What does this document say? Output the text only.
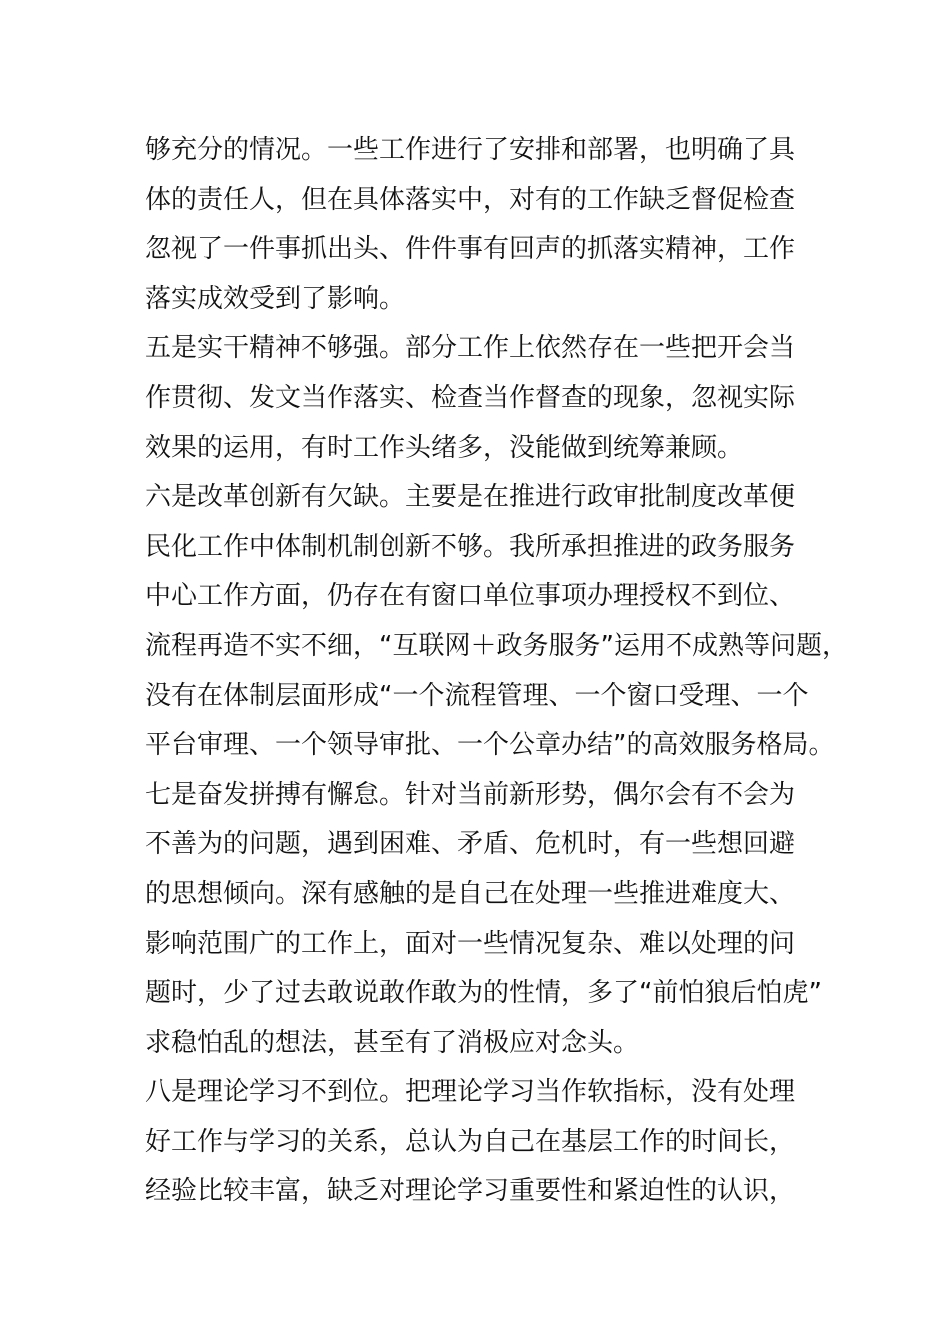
够充分的情况。一些工作进行了安排和部署，也明确了具
体的责任人，但在具体落实中，对有的工作缺乏督促检查
忽视了一件事抓出头、件件事有回声的抓落实精神，工作
落实成效受到了影响。
五是实干精神不够强。部分工作上依然存在一些把开会当
作贯彻、发文当作落实、检查当作督查的现象，忽视实际
效果的运用，有时工作头绪多，没能做到统筹兼顾。
六是改革创新有欠缺。主要是在推进行政审批制度改革便
民化工作中体制机制创新不够。我所承担推进的政务服务
中心工作方面，仍存在有窗口单位事项办理授权不到位、
流程再造不实不细，“互联网＋政务服务”运用不成熟等问题，
没有在体制层面形成“一个流程管理、一个窗口受理、一个
平台审理、一个领导审批、一个公章办结”的高效服务格局。
七是奋发拼搏有懈怠。针对当前新形势，偶尔会有不会为
不善为的问题，遇到困难、矛盾、危机时，有一些想回避
的思想倾向。深有感触的是自己在处理一些推进难度大、
影响范围广的工作上，面对一些情况复杂、难以处理的问
题时，少了过去敢说敢作敢为的性情，多了“前怕狼后怕虎”
求稳怕乱的想法，甚至有了消极应对念头。
八是理论学习不到位。把理论学习当作软指标，没有处理
好工作与学习的关系，总认为自己在基层工作的时间长，
经验比较丰富，缺乏对理论学习重要性和紧迫性的认识，
